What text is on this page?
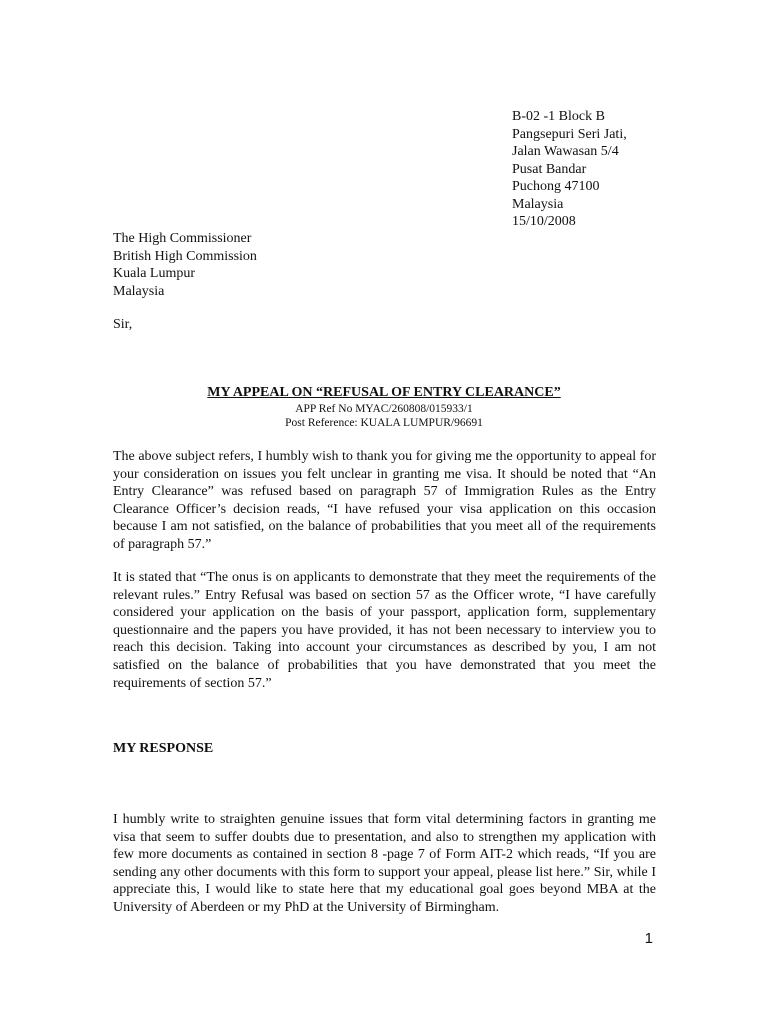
B-02 -1 Block B
Pangsepuri Seri Jati,
Jalan Wawasan 5/4
Pusat Bandar
Puchong 47100
Malaysia
15/10/2008
The High Commissioner
British High Commission
Kuala Lumpur
Malaysia
Sir,
MY APPEAL ON “REFUSAL OF ENTRY CLEARANCE”
APP Ref No MYAC/260808/015933/1
Post Reference: KUALA LUMPUR/96691

The above subject refers, I humbly wish to thank you for giving me the opportunity to appeal for your consideration on issues you felt unclear in granting me visa. It should be noted that “An Entry Clearance” was refused based on paragraph 57 of Immigration Rules as the Entry Clearance Officer’s decision reads, “I have refused your visa application on this occasion because I am not satisfied, on the balance of probabilities that you meet all of the requirements of paragraph 57.”

It is stated that “The onus is on applicants to demonstrate that they meet the requirements of the relevant rules.” Entry Refusal was based on section 57 as the Officer wrote, “I have carefully considered your application on the basis of your passport, application form, supplementary questionnaire and the papers you have provided, it has not been necessary to interview you to reach this decision. Taking into account your circumstances as described by you, I am not satisfied on the balance of probabilities that you have demonstrated that you meet the requirements of section 57.”

MY RESPONSE

I humbly write to straighten genuine issues that form vital determining factors in granting me visa that seem to suffer doubts due to presentation, and also to strengthen my application with few more documents as contained in section 8 -page 7 of Form AIT-2 which reads, “If you are sending any other documents with this form to support your appeal, please list here.” Sir, while I appreciate this, I would like to state here that my educational goal goes beyond MBA at the University of Aberdeen or my PhD at the University of Birmingham.

1
